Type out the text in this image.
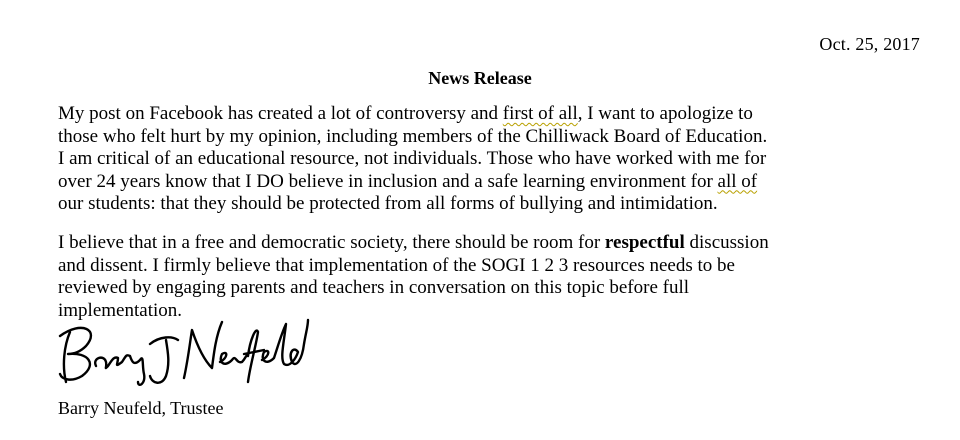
Oct. 25, 2017
News Release
My post on Facebook has created a lot of controversy and first of all, I want to apologize to
those who felt hurt by my opinion, including members of the Chilliwack Board of Education.
I am critical of an educational resource, not individuals. Those who have worked with me for
over 24 years know that I DO believe in inclusion and a safe learning environment for all of
our students: that they should be protected from all forms of bullying and intimidation.
I believe that in a free and democratic society, there should be room for respectful discussion
and dissent. I firmly believe that implementation of the SOGI 1 2 3 resources needs to be
reviewed by engaging parents and teachers in conversation on this topic before full
implementation.
Barry Neufeld, Trustee
